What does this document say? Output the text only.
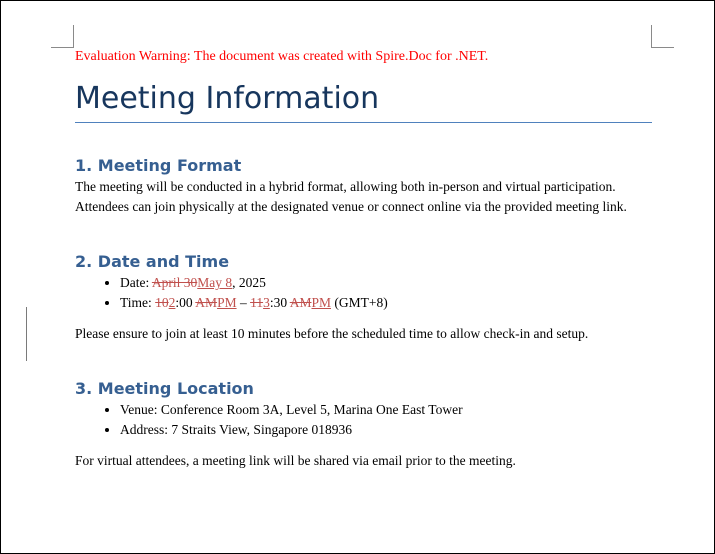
Evaluation Warning: The document was created with Spire.Doc for .NET.

Meeting Information
1. Meeting Format

The meeting will be conducted in a hybrid format, allowing both in-person and virtual participation. Attendees can join physically at the designated venue or connect online via the provided meeting link.

2. Date and Time
• Date: April 30May 8, 2025
• Time: 102:00 AMPM – 113:30 AMPM (GMT+8)

Please ensure to join at least 10 minutes before the scheduled time to allow check-in and setup.

3. Meeting Location
• Venue: Conference Room 3A, Level 5, Marina One East Tower
• Address: 7 Straits View, Singapore 018936

For virtual attendees, a meeting link will be shared via email prior to the meeting.
